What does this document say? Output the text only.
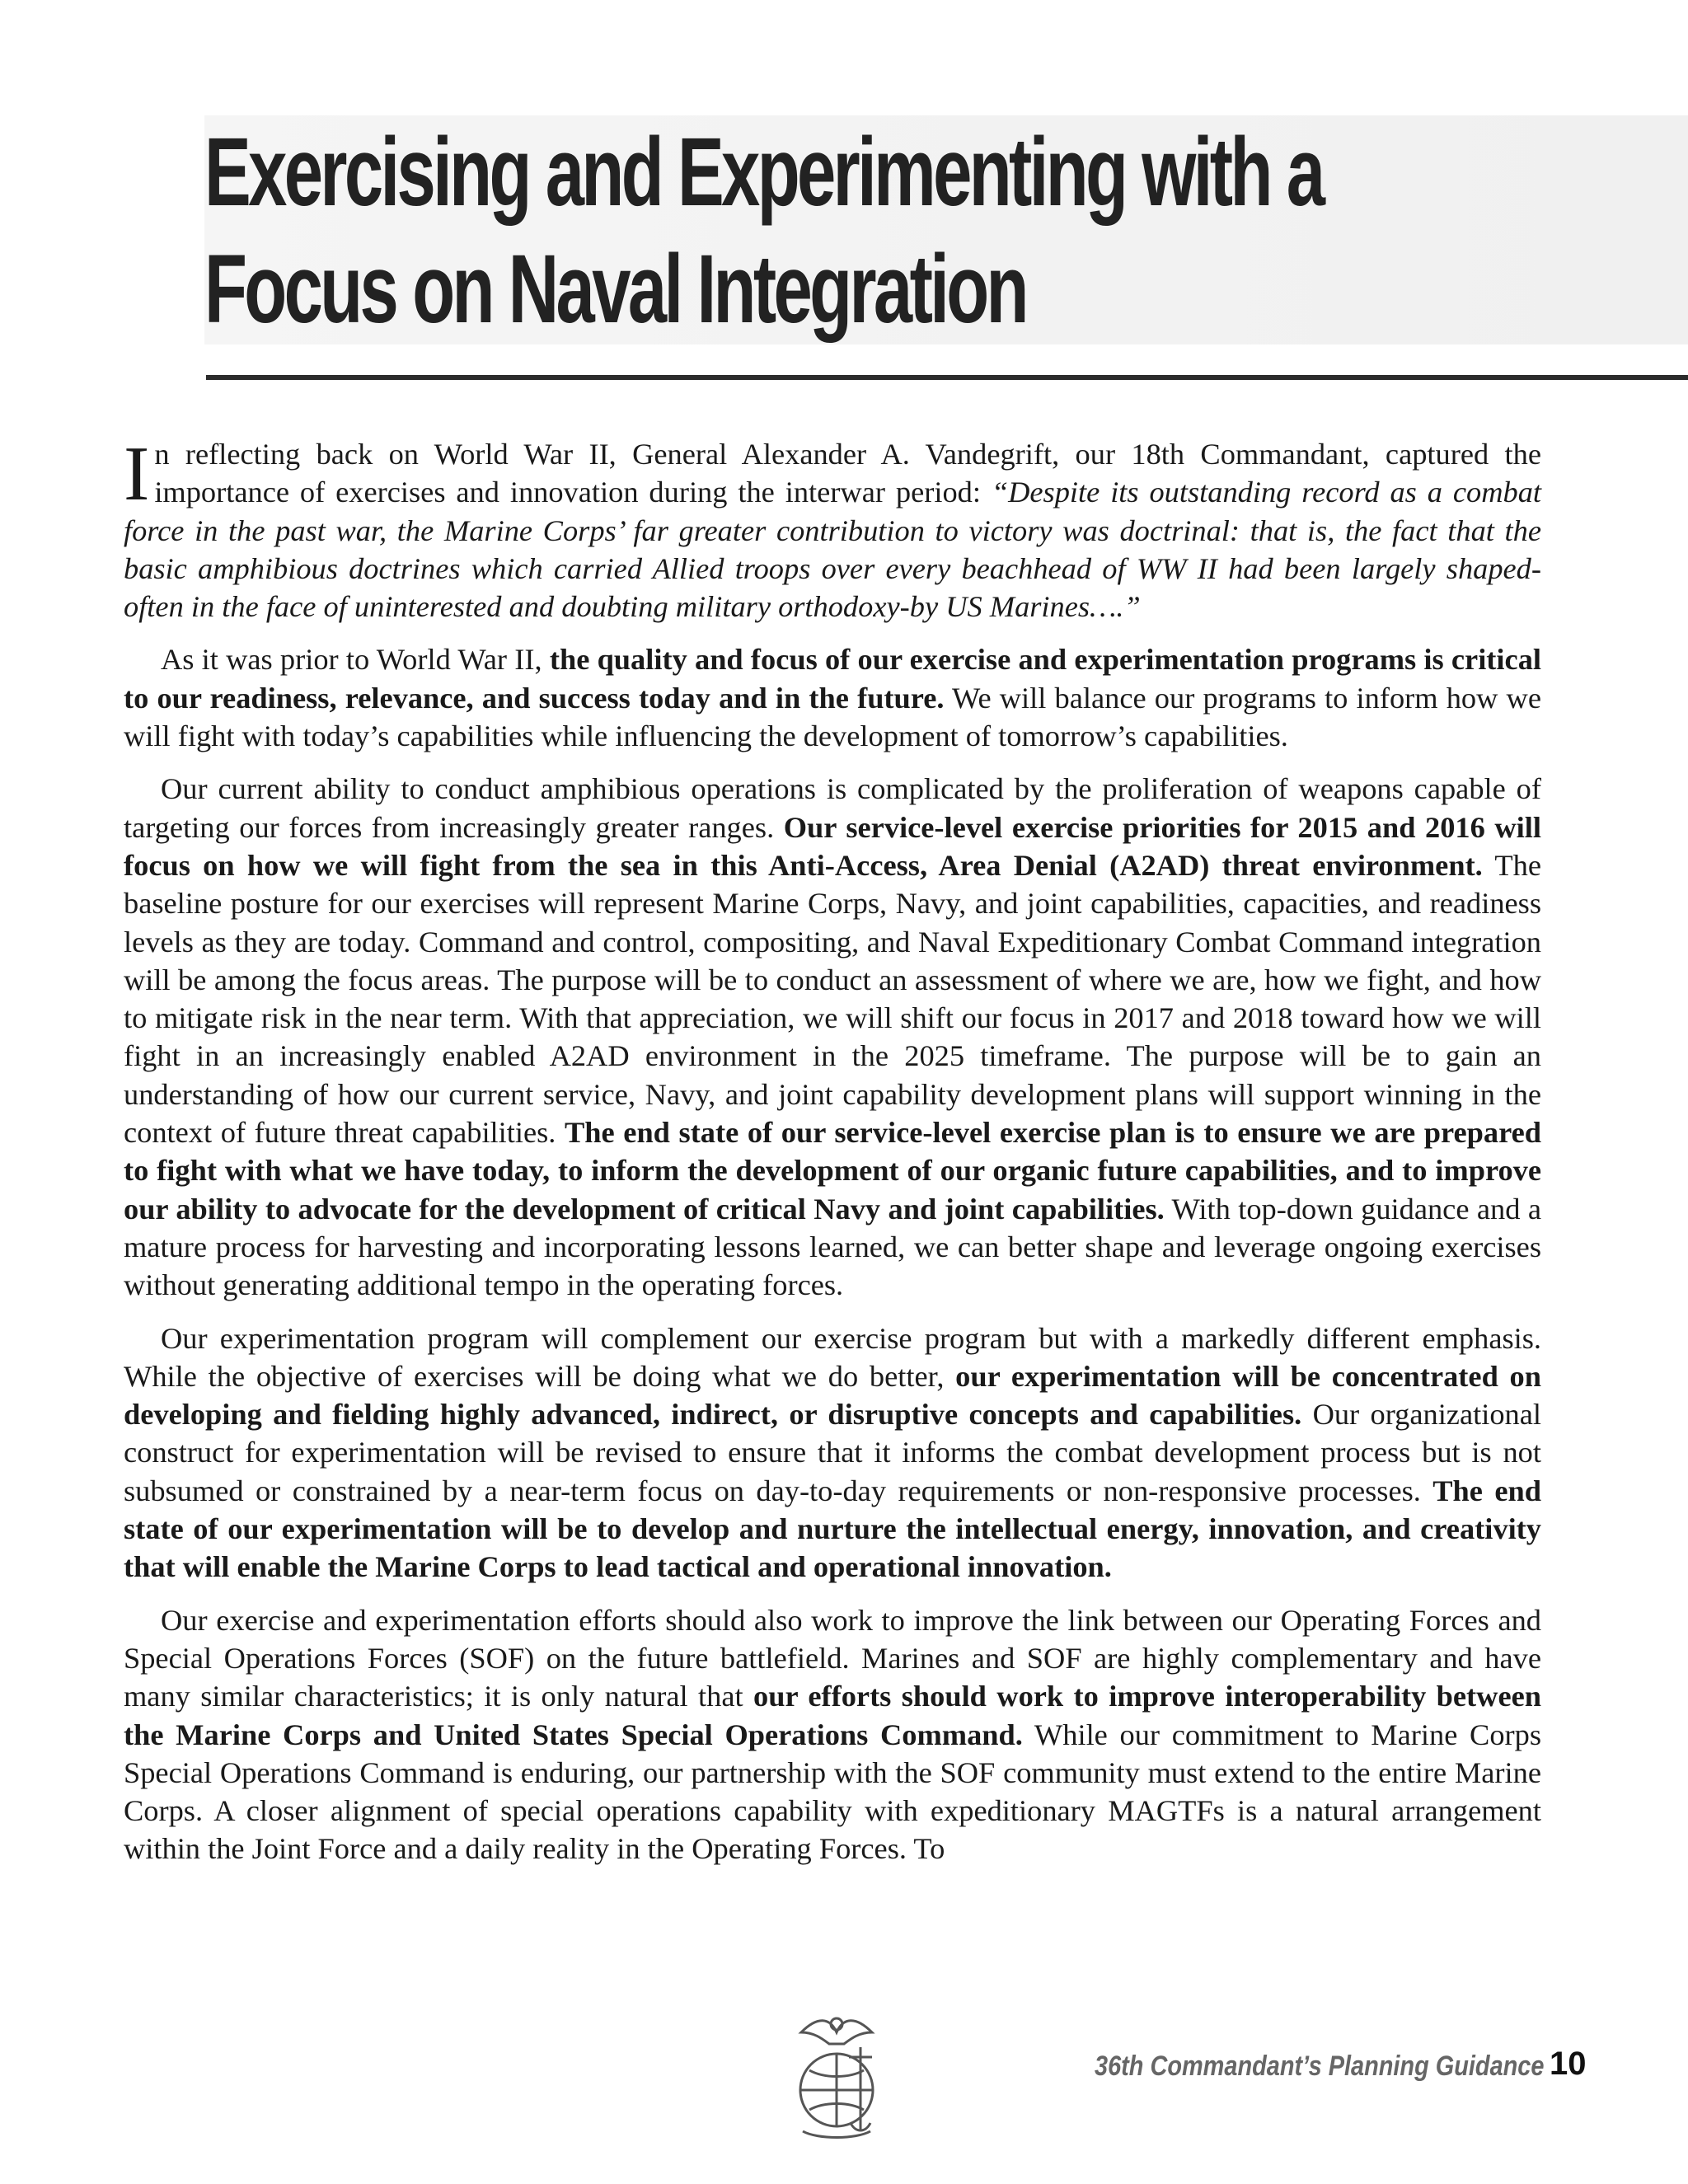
Exercising and Experimenting with a
Focus on Naval Integration

In reflecting back on World War II, General Alexander A. Vandegrift, our 18th Commandant, captured the importance of exercises and innovation during the interwar period: “Despite its outstanding record as a combat force in the past war, the Marine Corps’ far greater contribution to victory was doctrinal: that is, the fact that the basic amphibious doctrines which carried Allied troops over every beachhead of WW II had been largely shaped-often in the face of uninterested and doubting military orthodoxy-by US Marines….”

As it was prior to World War II, the quality and focus of our exercise and experimentation programs is critical to our readiness, relevance, and success today and in the future. We will balance our programs to inform how we will fight with today’s capabilities while influencing the development of tomorrow’s capabilities.

Our current ability to conduct amphibious operations is complicated by the proliferation of weapons capable of targeting our forces from increasingly greater ranges. Our service-level exercise priorities for 2015 and 2016 will focus on how we will fight from the sea in this Anti-Access, Area Denial (A2AD) threat environment. The baseline posture for our exercises will represent Marine Corps, Navy, and joint capabilities, capacities, and readiness levels as they are today. Command and control, compositing, and Naval Expeditionary Combat Command integration will be among the focus areas. The purpose will be to conduct an assessment of where we are, how we fight, and how to mitigate risk in the near term. With that appreciation, we will shift our focus in 2017 and 2018 toward how we will fight in an increasingly enabled A2AD environment in the 2025 timeframe. The purpose will be to gain an understanding of how our current service, Navy, and joint capability development plans will support winning in the context of future threat capabilities. The end state of our service-level exercise plan is to ensure we are prepared to fight with what we have today, to inform the development of our organic future capabilities, and to improve our ability to advocate for the development of critical Navy and joint capabilities. With top-down guidance and a mature process for harvesting and incorporating lessons learned, we can better shape and leverage ongoing exercises without generating additional tempo in the operating forces.

Our experimentation program will complement our exercise program but with a markedly different emphasis. While the objective of exercises will be doing what we do better, our experimentation will be concentrated on developing and fielding highly advanced, indirect, or disruptive concepts and capabilities. Our organizational construct for experimentation will be revised to ensure that it informs the combat development process but is not subsumed or constrained by a near-term focus on day-to-day requirements or non-responsive processes. The end state of our experimentation will be to develop and nurture the intellectual energy, innovation, and creativity that will enable the Marine Corps to lead tactical and operational innovation.

Our exercise and experimentation efforts should also work to improve the link between our Operating Forces and Special Operations Forces (SOF) on the future battlefield. Marines and SOF are highly complementary and have many similar characteristics; it is only natural that our efforts should work to improve interoperability between the Marine Corps and United States Special Operations Command. While our commitment to Marine Corps Special Operations Command is enduring, our partnership with the SOF community must extend to the entire Marine Corps. A closer alignment of special operations capability with expeditionary MAGTFs is a natural arrangement within the Joint Force and a daily reality in the Operating Forces. To

36th Commandant’s Planning Guidance 10
